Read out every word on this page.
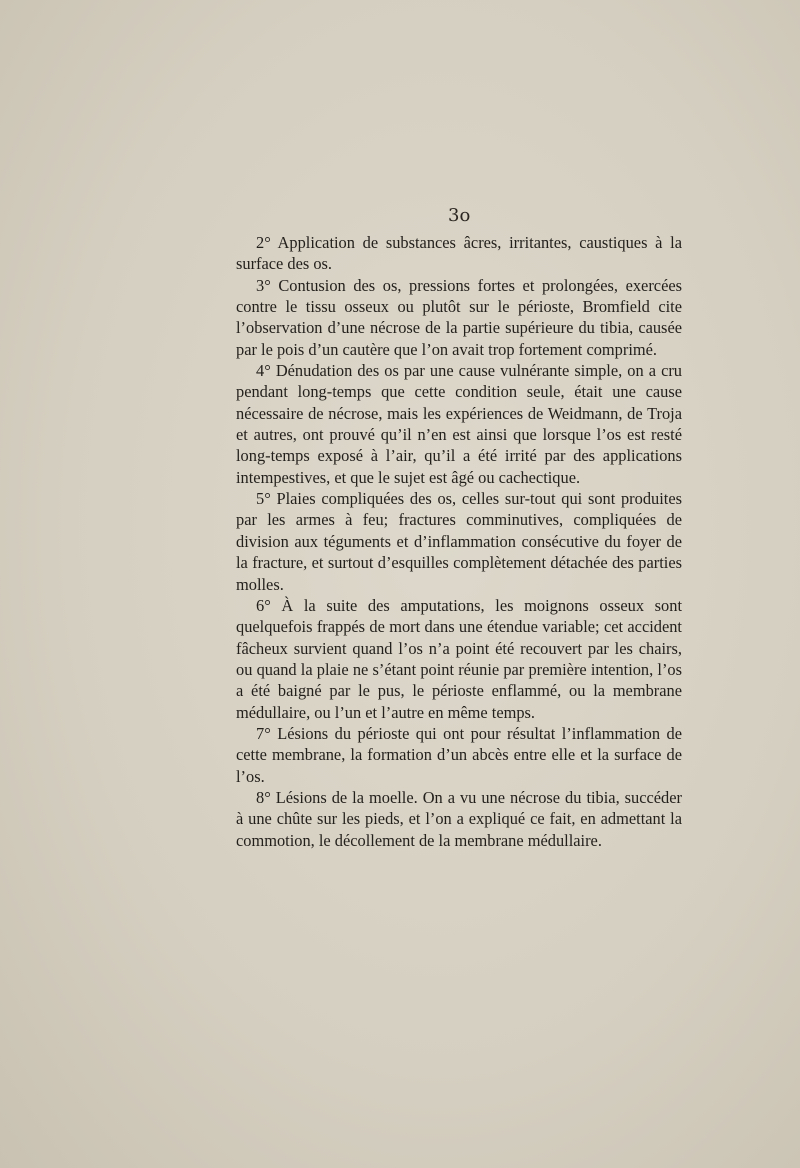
3o

2° Application de substances âcres, irritantes, caustiques à la surface des os.

3° Contusion des os, pressions fortes et prolongées, exercées contre le tissu osseux ou plutôt sur le périoste, Bromfield cite l’observation d’une nécrose de la partie supérieure du tibia, causée par le pois d’un cautère que l’on avait trop fortement comprimé.

4° Dénudation des os par une cause vulnérante simple, on a cru pendant long-temps que cette condition seule, était une cause nécessaire de nécrose, mais les expériences de Weidmann, de Troja et autres, ont prouvé qu’il n’en est ainsi que lorsque l’os est resté long-temps exposé à l’air, qu’il a été irrité par des applications intempestives, et que le sujet est âgé ou cachectique.

5° Plaies compliquées des os, celles sur-tout qui sont produites par les armes à feu; fractures comminutives, compliquées de division aux téguments et d’inflammation consécutive du foyer de la fracture, et surtout d’esquilles complètement détachée des parties molles.

6° À la suite des amputations, les moignons osseux sont quelquefois frappés de mort dans une étendue variable; cet accident fâcheux survient quand l’os n’a point été recouvert par les chairs, ou quand la plaie ne s’étant point réunie par première intention, l’os a été baigné par le pus, le périoste enflammé, ou la membrane médullaire, ou l’un et l’autre en même temps.

7° Lésions du périoste qui ont pour résultat l’inflammation de cette membrane, la formation d’un abcès entre elle et la surface de l’os.

8° Lésions de la moelle. On a vu une nécrose du tibia, succéder à une chûte sur les pieds, et l’on a expliqué ce fait, en admettant la commotion, le décollement de la membrane médullaire.
